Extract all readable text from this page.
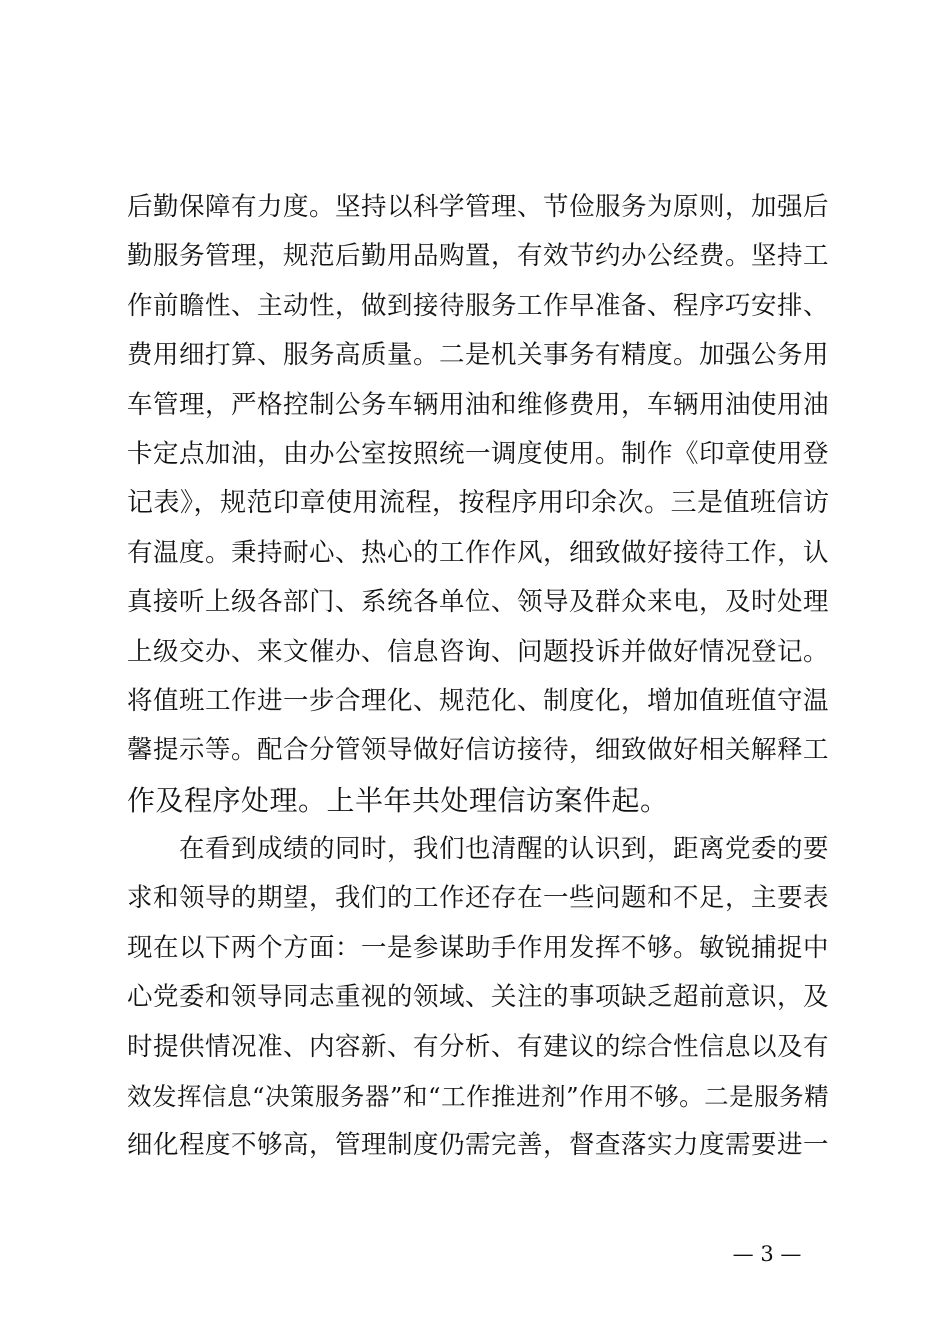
后勤保障有力度。坚持以科学管理、节俭服务为原则，加强后
勤服务管理，规范后勤用品购置，有效节约办公经费。坚持工
作前瞻性、主动性，做到接待服务工作早准备、程序巧安排、
费用细打算、服务高质量。二是机关事务有精度。加强公务用
车管理，严格控制公务车辆用油和维修费用，车辆用油使用油
卡定点加油，由办公室按照统一调度使用。制作《印章使用登
记表》，规范印章使用流程，按程序用印余次。三是值班信访
有温度。秉持耐心、热心的工作作风，细致做好接待工作，认
真接听上级各部门、系统各单位、领导及群众来电，及时处理
上级交办、来文催办、信息咨询、问题投诉并做好情况登记。
将值班工作进一步合理化、规范化、制度化，增加值班值守温
馨提示等。配合分管领导做好信访接待，细致做好相关解释工
作及程序处理。上半年共处理信访案件起。
在看到成绩的同时，我们也清醒的认识到，距离党委的要
求和领导的期望，我们的工作还存在一些问题和不足，主要表
现在以下两个方面：一是参谋助手作用发挥不够。敏锐捕捉中
心党委和领导同志重视的领域、关注的事项缺乏超前意识，及
时提供情况准、内容新、有分析、有建议的综合性信息以及有
效发挥信息“决策服务器”和“工作推进剂”作用不够。二是服务精
细化程度不够高，管理制度仍需完善，督查落实力度需要进一
— 3 —
